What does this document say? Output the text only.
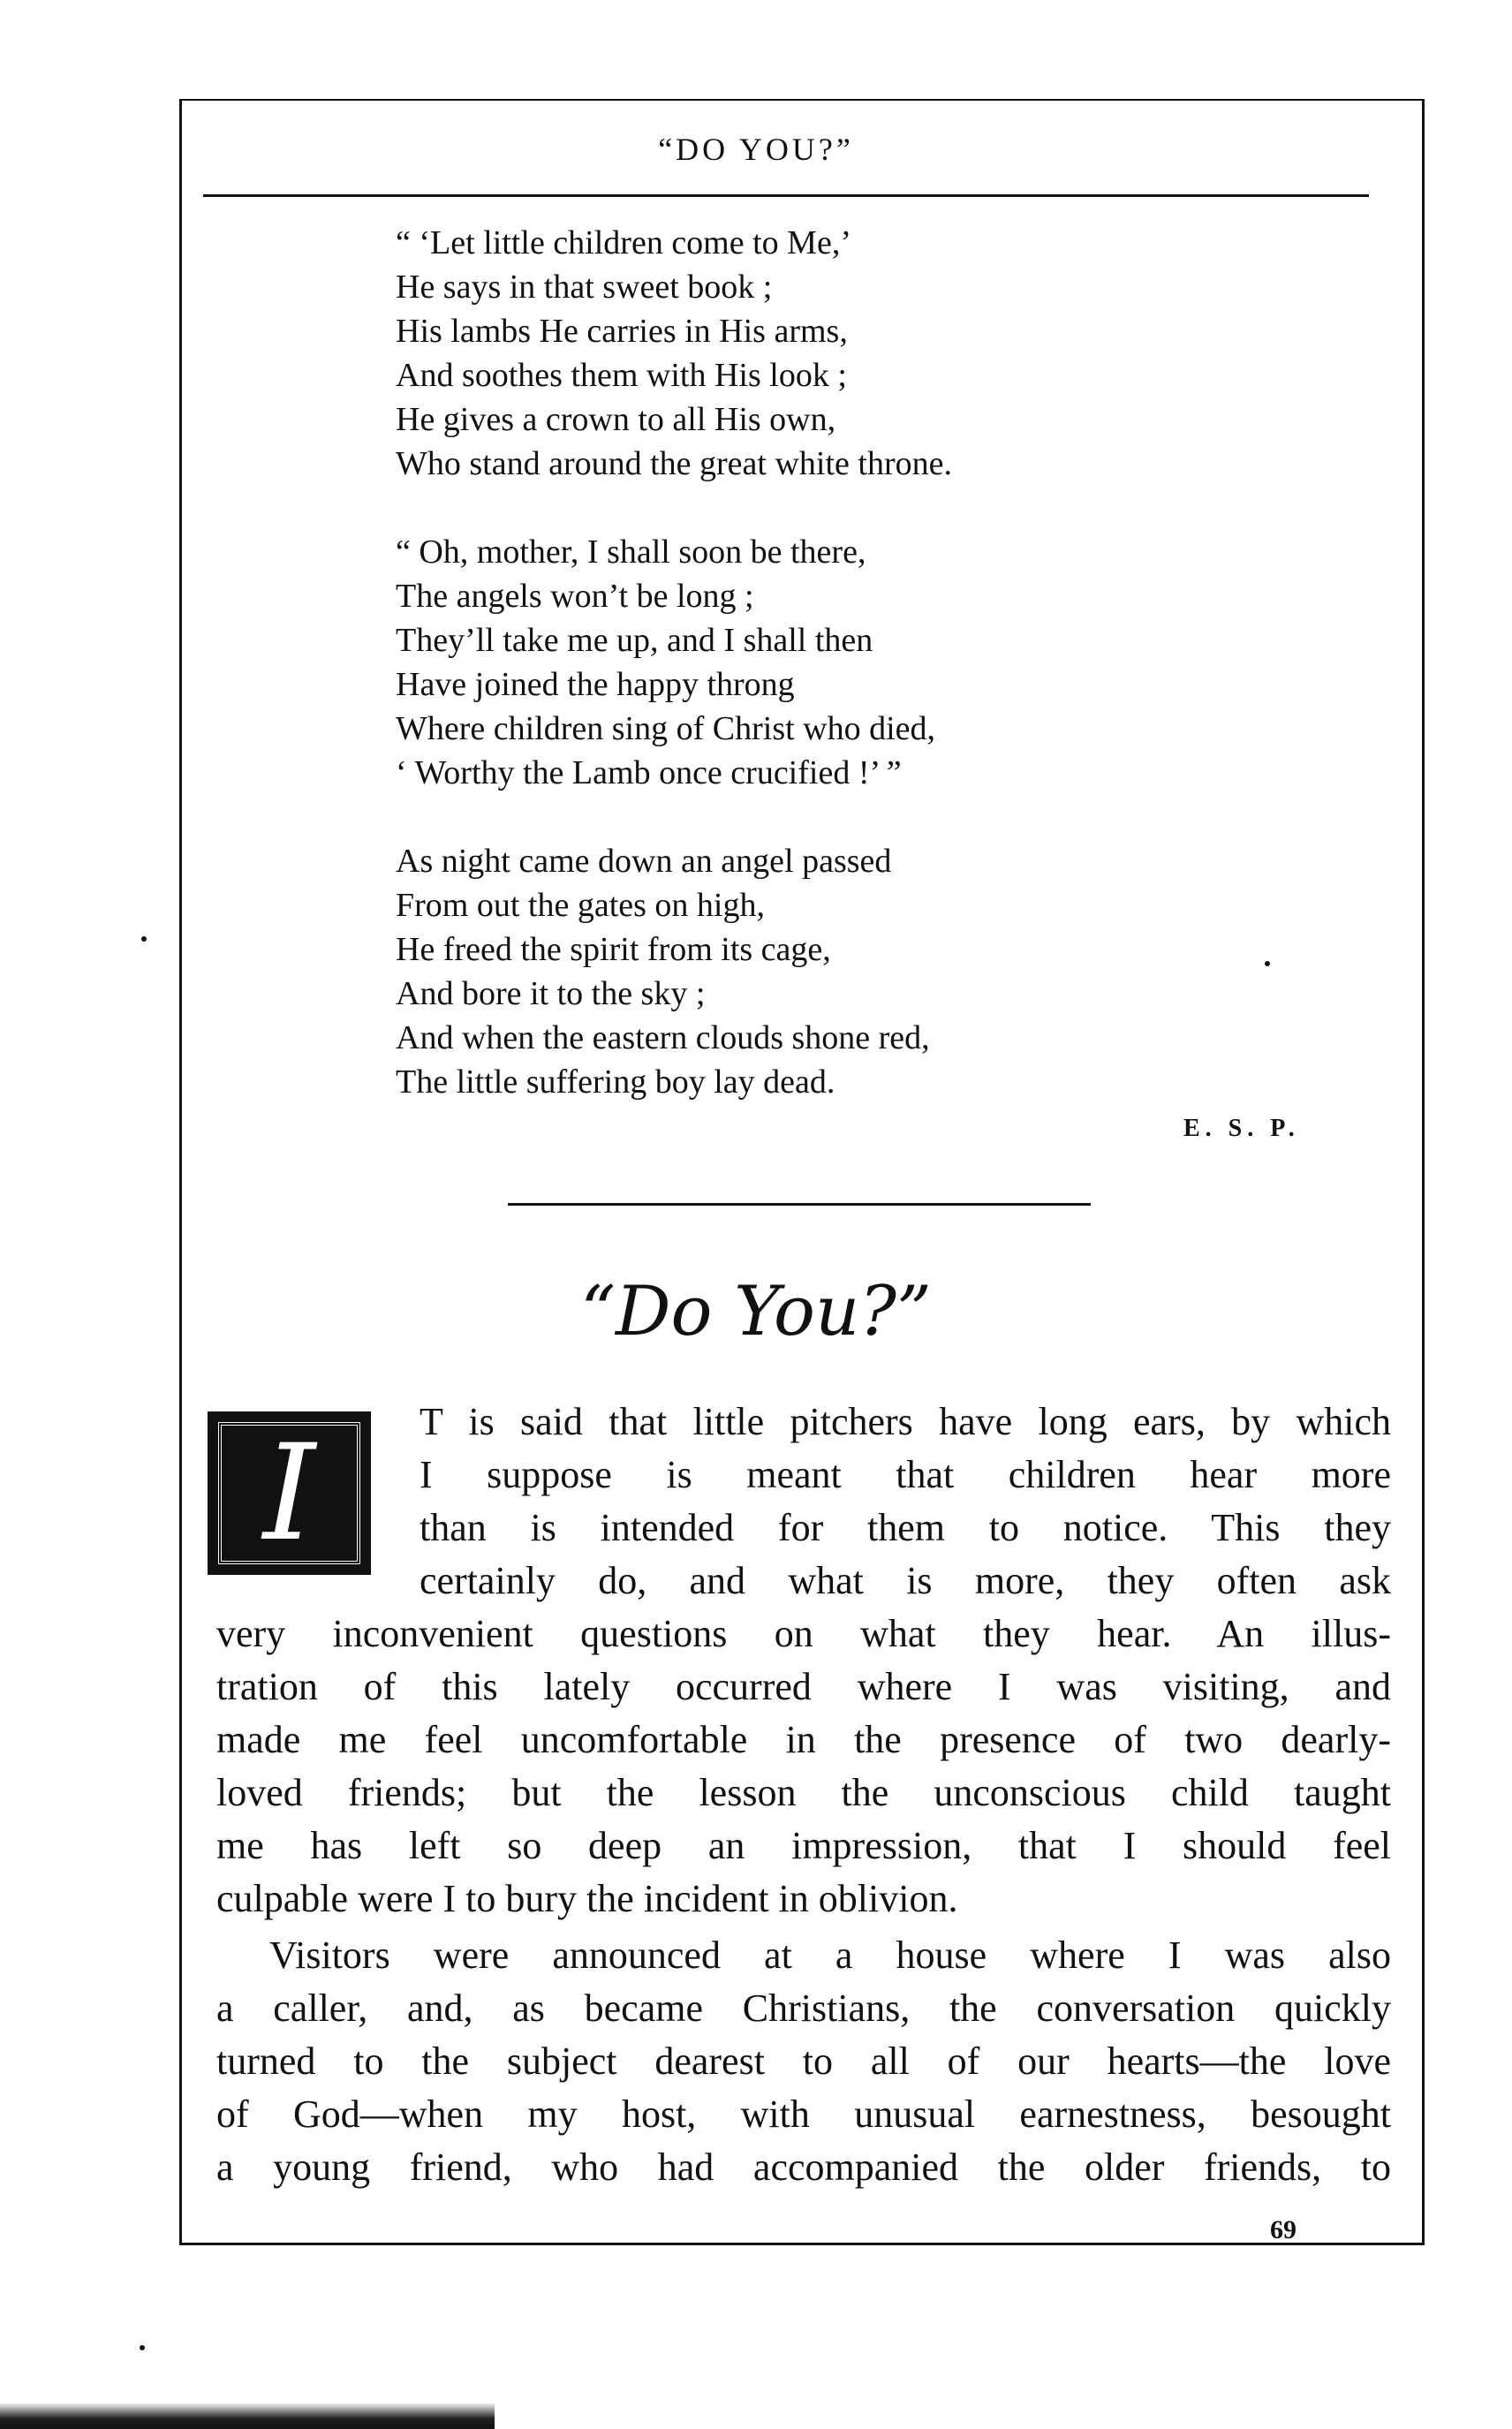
“DO YOU?”
“ ‘Let little children come to Me,’
He says in that sweet book ;
His lambs He carries in His arms,
And soothes them with His look ;
He gives a crown to all His own,
Who stand around the great white throne.
“ Oh, mother, I shall soon be there,
The angels won’t be long ;
They’ll take me up, and I shall then
Have joined the happy throng
Where children sing of Christ who died,
‘ Worthy the Lamb once crucified !’ ”
As night came down an angel passed
From out the gates on high,
He freed the spirit from its cage,
And bore it to the sky ;
And when the eastern clouds shone red,
The little suffering boy lay dead.
E. S. P.
“Do You?”
I	T is said that little pitchers have long ears, by which
I suppose is meant that children hear more
than is intended for them to notice. This they
certainly do, and what is more, they often ask
very inconvenient questions on what they hear. An illus-
tration of this lately occurred where I was visiting, and
made me feel uncomfortable in the presence of two dearly-
loved friends; but the lesson the unconscious child taught
me has left so deep an impression, that I should feel
culpable were I to bury the incident in oblivion.
Visitors were announced at a house where I was also
a caller, and, as became Christians, the conversation quickly
turned to the subject dearest to all of our hearts—the love
of God—when my host, with unusual earnestness, besought
a young friend, who had accompanied the older friends, to
69
